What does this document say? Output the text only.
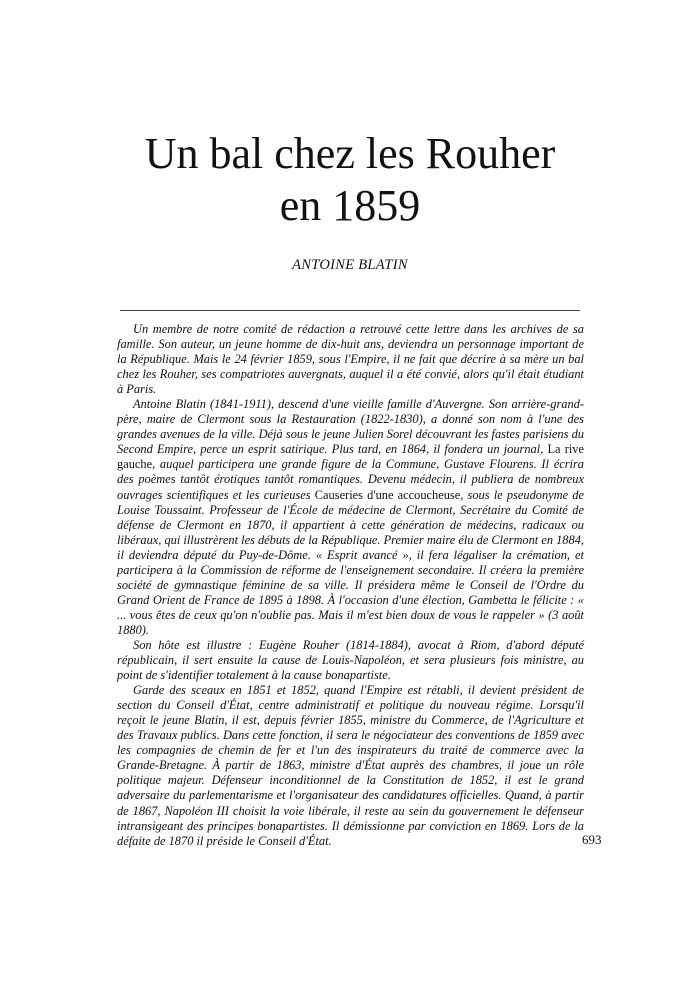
Un bal chez les Rouher
en 1859
ANTOINE BLATIN

Un membre de notre comité de rédaction a retrouvé cette lettre dans les archives de sa famille. Son auteur, un jeune homme de dix-huit ans, deviendra un personnage important de la République. Mais le 24 février 1859, sous l'Empire, il ne fait que décrire à sa mère un bal chez les Rouher, ses compatriotes auvergnats, auquel il a été convié, alors qu'il était étudiant à Paris.

Antoine Blatin (1841-1911), descend d'une vieille famille d'Auvergne. Son arrière-grand-père, maire de Clermont sous la Restauration (1822-1830), a donné son nom à l'une des grandes avenues de la ville. Déjà sous le jeune Julien Sorel découvrant les fastes parisiens du Second Empire, perce un esprit satirique. Plus tard, en 1864, il fondera un journal, La rive gauche, auquel participera une grande figure de la Commune, Gustave Flourens. Il écrira des poèmes tantôt érotiques tantôt romantiques. Devenu médecin, il publiera de nombreux ouvrages scientifiques et les curieuses Causeries d'une accoucheuse, sous le pseudonyme de Louise Toussaint. Professeur de l'École de médecine de Clermont, Secrétaire du Comité de défense de Clermont en 1870, il appartient à cette génération de médecins, radicaux ou libéraux, qui illustrèrent les débuts de la République. Premier maire élu de Clermont en 1884, il deviendra député du Puy-de-Dôme. « Esprit avancé », il fera légaliser la crémation, et participera à la Commission de réforme de l'enseignement secondaire. Il créera la première société de gymnastique féminine de sa ville. Il présidera même le Conseil de l'Ordre du Grand Orient de France de 1895 à 1898. À l'occasion d'une élection, Gambetta le félicite : « ... vous êtes de ceux qu'on n'oublie pas. Mais il m'est bien doux de vous le rappeler » (3 août 1880).

Son hôte est illustre : Eugène Rouher (1814-1884), avocat à Riom, d'abord député républicain, il sert ensuite la cause de Louis-Napoléon, et sera plusieurs fois ministre, au point de s'identifier totalement à la cause bonapartiste.

Garde des sceaux en 1851 et 1852, quand l'Empire est rétabli, il devient président de section du Conseil d'État, centre administratif et politique du nouveau régime. Lorsqu'il reçoit le jeune Blatin, il est, depuis février 1855, ministre du Commerce, de l'Agriculture et des Travaux publics. Dans cette fonction, il sera le négociateur des conventions de 1859 avec les compagnies de chemin de fer et l'un des inspirateurs du traité de commerce avec la Grande-Bretagne. À partir de 1863, ministre d'État auprès des chambres, il joue un rôle politique majeur. Défenseur inconditionnel de la Constitution de 1852, il est le grand adversaire du parlementarisme et l'organisateur des candidatures officielles. Quand, à partir de 1867, Napoléon III choisit la voie libérale, il reste au sein du gouvernement le défenseur intransigeant des principes bonapartistes. Il démissionne par conviction en 1869. Lors de la défaite de 1870 il préside le Conseil d'État.	693
